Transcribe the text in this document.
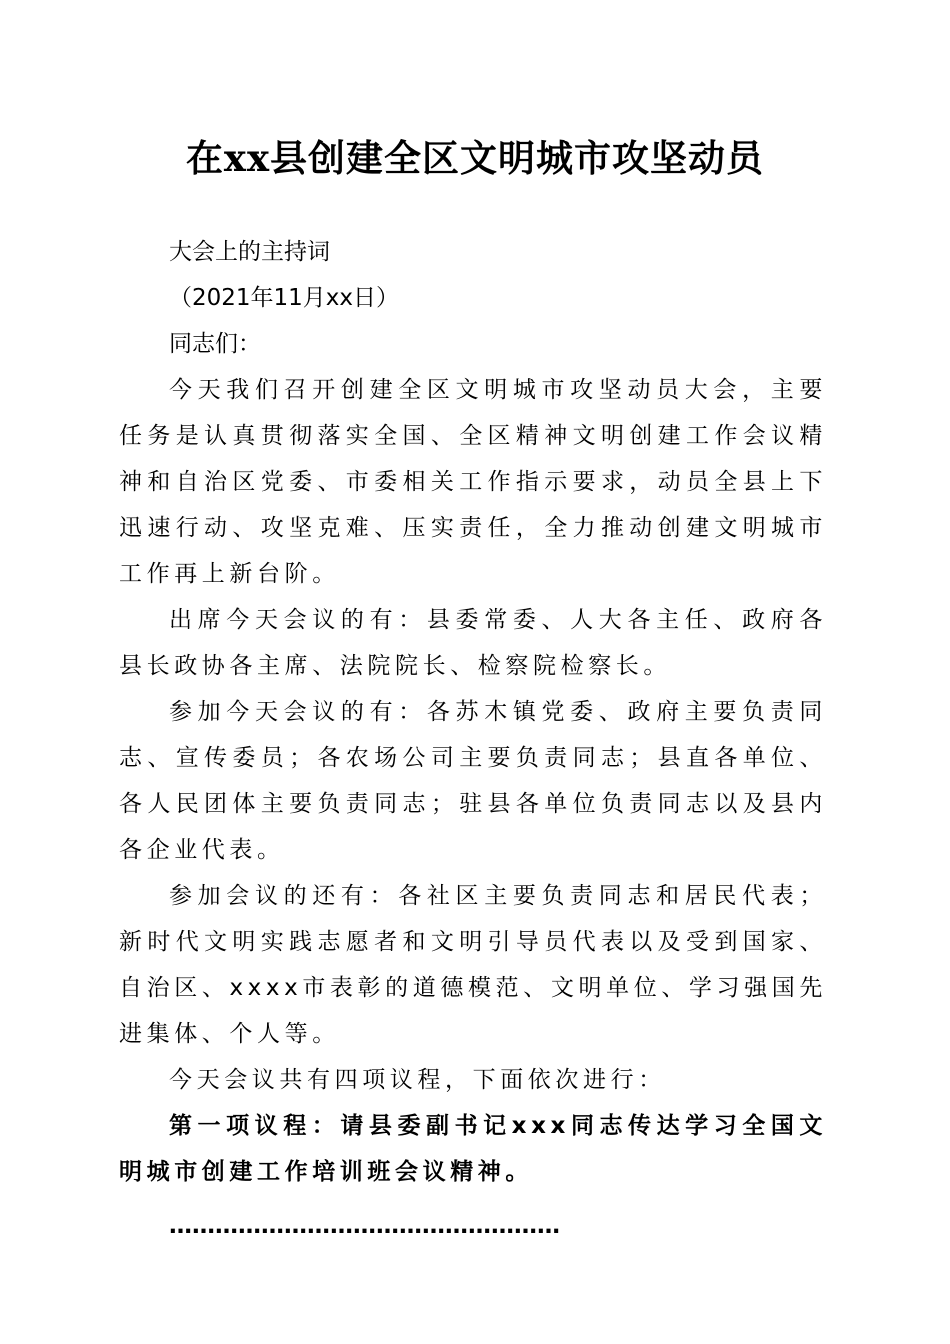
在xx县创建全区文明城市攻坚动员
大会上的主持词
（2021年11月xx日）
同志们：

今天我们召开创建全区文明城市攻坚动员大会，主要任务是认真贯彻落实全国、全区精神文明创建工作会议精神和自治区党委、市委相关工作指示要求，动员全县上下迅速行动、攻坚克难、压实责任，全力推动创建文明城市工作再上新台阶。

出席今天会议的有：县委常委、人大各主任、政府各县长政协各主席、法院院长、检察院检察长。

参加今天会议的有：各苏木镇党委、政府主要负责同志、宣传委员；各农场公司主要负责同志；县直各单位、各人民团体主要负责同志；驻县各单位负责同志以及县内各企业代表。

参加会议的还有：各社区主要负责同志和居民代表；新时代文明实践志愿者和文明引导员代表以及受到国家、自治区、xxxx市表彰的道德模范、文明单位、学习强国先进集体、个人等。

今天会议共有四项议程，下面依次进行：

第一项议程：请县委副书记xxx同志传达学习全国文明城市创建工作培训班会议精神。

……………………………………………
